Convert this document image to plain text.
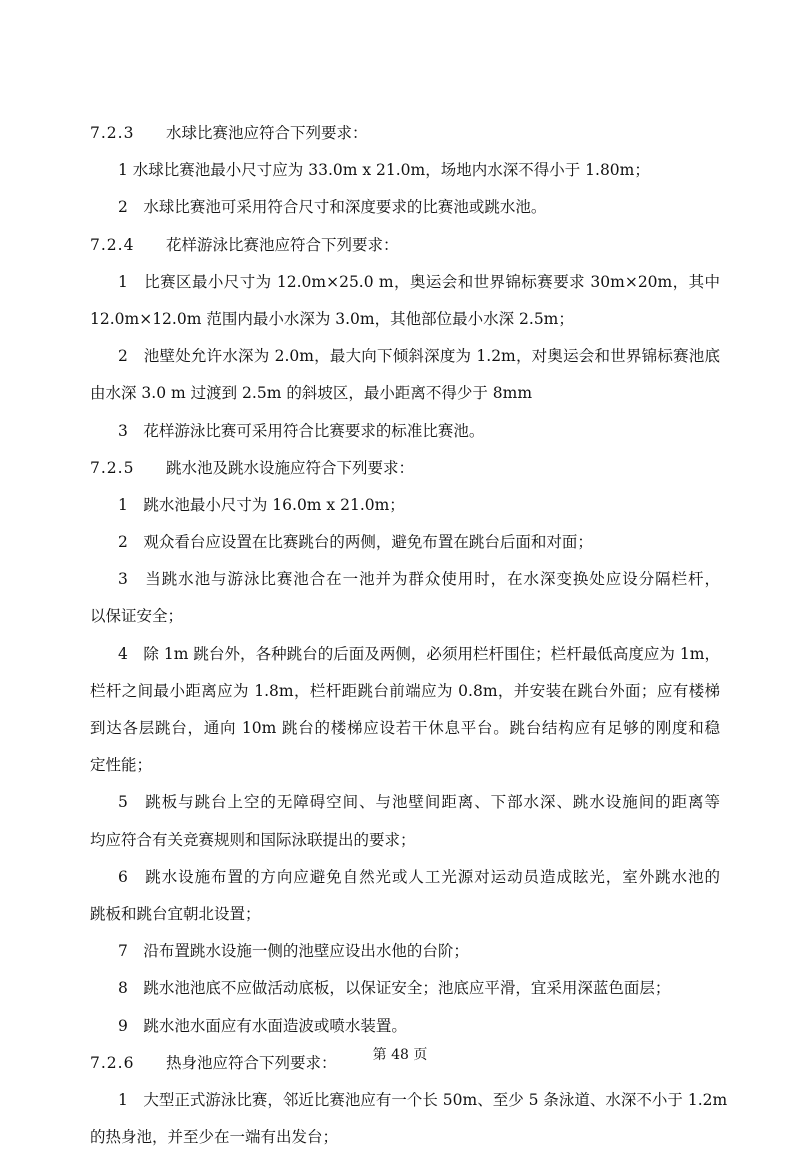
7.2.3 水球比赛池应符合下列要求：
1 水球比赛池最小尺寸应为 33.0m x 21.0m，场地内水深不得小于 1.80m；
2　水球比赛池可采用符合尺寸和深度要求的比赛池或跳水池。
7.2.4 花样游泳比赛池应符合下列要求：
1　比赛区最小尺寸为 12.0m×25.0 m，奥运会和世界锦标赛要求 30m×20m，其中
12.0m×12.0m 范围内最小水深为 3.0m，其他部位最小水深 2.5m；
2　池壁处允许水深为 2.0m，最大向下倾斜深度为 1.2m，对奥运会和世界锦标赛池底
由水深 3.0 m 过渡到 2.5m 的斜坡区，最小距离不得少于 8mm
3　花样游泳比赛可采用符合比赛要求的标准比赛池。
7.2.5 跳水池及跳水设施应符合下列要求：
1　跳水池最小尺寸为 16.0m x 21.0m；
2　观众看台应设置在比赛跳台的两侧，避免布置在跳台后面和对面；
3　当跳水池与游泳比赛池合在一池并为群众使用时，在水深变换处应设分隔栏杆，
以保证安全；
4　除 1m 跳台外，各种跳台的后面及两侧，必须用栏杆围住；栏杆最低高度应为 1m，
栏杆之间最小距离应为 1.8m，栏杆距跳台前端应为 0.8m，并安装在跳台外面；应有楼梯
到达各层跳台，通向 10m 跳台的楼梯应设若干休息平台。跳台结构应有足够的刚度和稳
定性能；
5　跳板与跳台上空的无障碍空间、与池壁间距离、下部水深、跳水设施间的距离等
均应符合有关竞赛规则和国际泳联提出的要求；
6　跳水设施布置的方向应避免自然光或人工光源对运动员造成眩光，室外跳水池的
跳板和跳台宜朝北设置；
7　沿布置跳水设施一侧的池壁应设出水他的台阶；
8　跳水池池底不应做活动底板，以保证安全；池底应平滑，宜采用深蓝色面层；
9　跳水池水面应有水面造波或喷水装置。
7.2.6 热身池应符合下列要求：
1　大型正式游泳比赛，邻近比赛池应有一个长 50m、至少 5 条泳道、水深不小于 1.2m
的热身池，并至少在一端有出发台；
第 48 页
